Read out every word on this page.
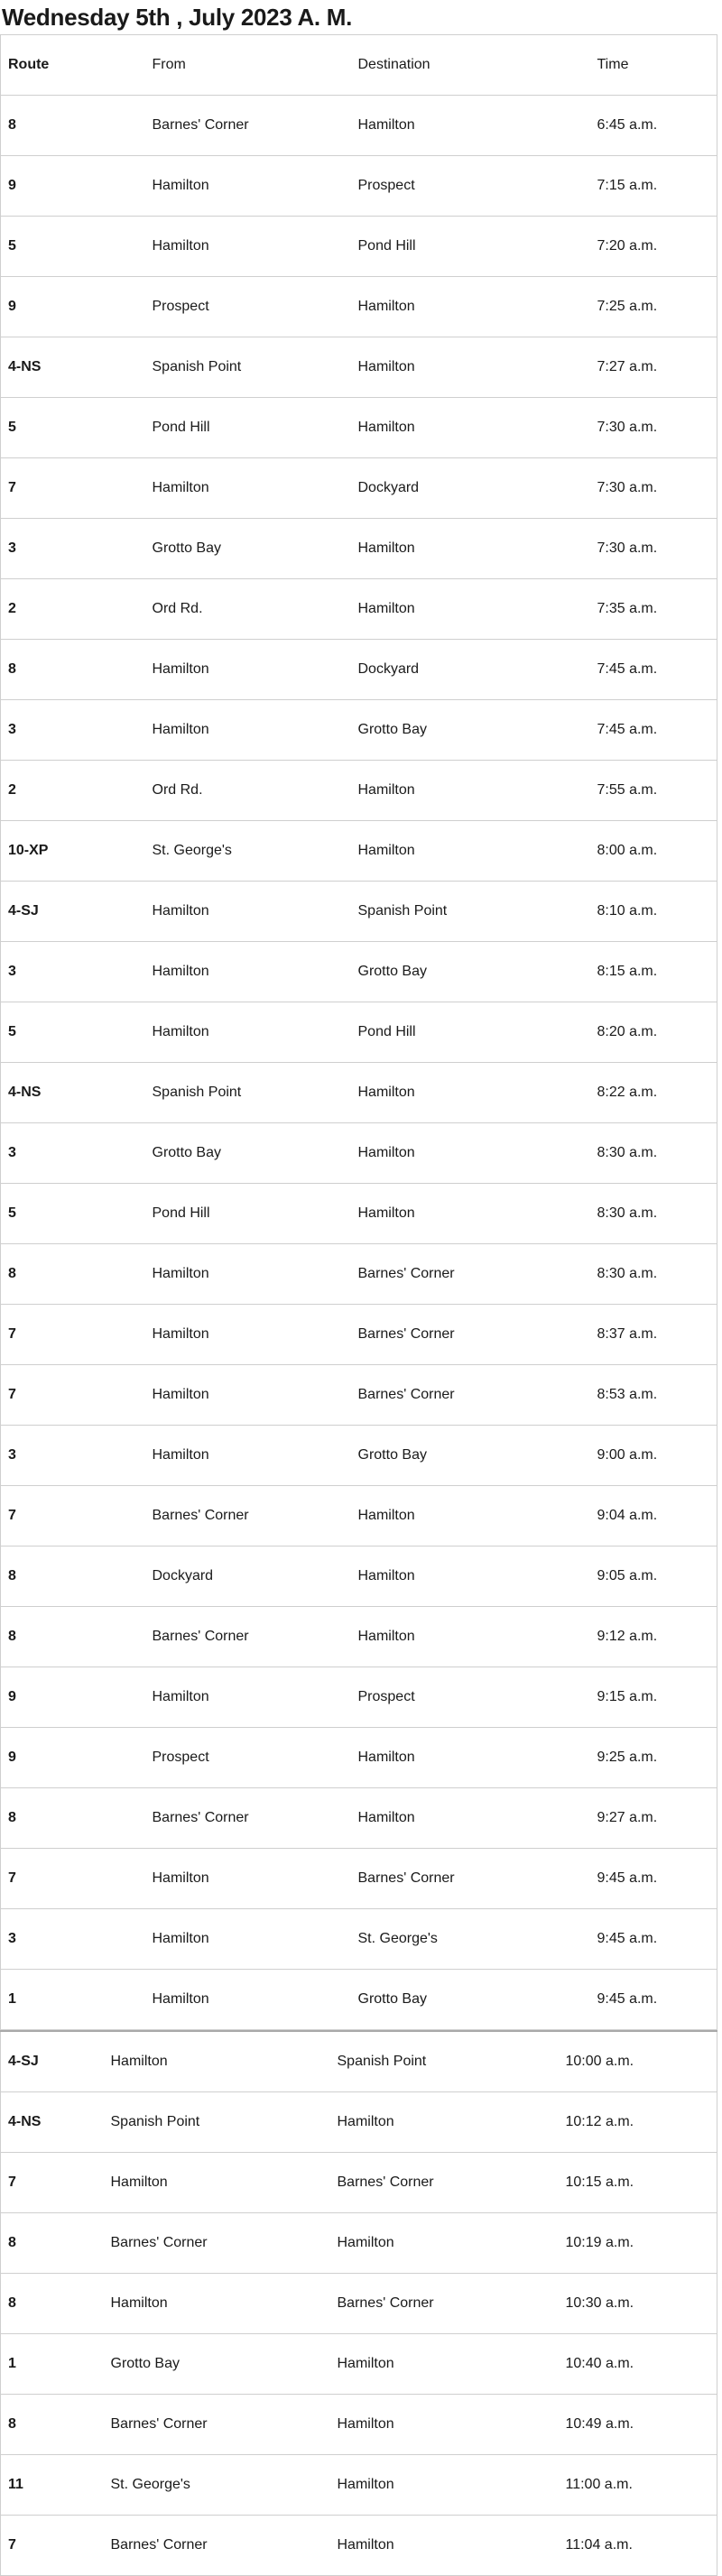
Wednesday 5th , July 2023 A. M.
Route	From	Destination	Time
8	Barnes' Corner	Hamilton	6:45 a.m.
9	Hamilton	Prospect	7:15 a.m.
5	Hamilton	Pond Hill	7:20 a.m.
9	Prospect	Hamilton	7:25 a.m.
4-NS	Spanish Point	Hamilton	7:27 a.m.
5	Pond Hill	Hamilton	7:30 a.m.
7	Hamilton	Dockyard	7:30 a.m.
3	Grotto Bay	Hamilton	7:30 a.m.
2	Ord Rd.	Hamilton	7:35 a.m.
8	Hamilton	Dockyard	7:45 a.m.
3	Hamilton	Grotto Bay	7:45 a.m.
2	Ord Rd.	Hamilton	7:55 a.m.
10-XP	St. George's	Hamilton	8:00 a.m.
4-SJ	Hamilton	Spanish Point	8:10 a.m.
3	Hamilton	Grotto Bay	8:15 a.m.
5	Hamilton	Pond Hill	8:20 a.m.
4-NS	Spanish Point	Hamilton	8:22 a.m.
3	Grotto Bay	Hamilton	8:30 a.m.
5	Pond Hill	Hamilton	8:30 a.m.
8	Hamilton	Barnes' Corner	8:30 a.m.
7	Hamilton	Barnes' Corner	8:37 a.m.
7	Hamilton	Barnes' Corner	8:53 a.m.
3	Hamilton	Grotto Bay	9:00 a.m.
7	Barnes' Corner	Hamilton	9:04 a.m.
8	Dockyard	Hamilton	9:05 a.m.
8	Barnes' Corner	Hamilton	9:12 a.m.
9	Hamilton	Prospect	9:15 a.m.
9	Prospect	Hamilton	9:25 a.m.
8	Barnes' Corner	Hamilton	9:27 a.m.
7	Hamilton	Barnes' Corner	9:45 a.m.
3	Hamilton	St. George's	9:45 a.m.
1	Hamilton	Grotto Bay	9:45 a.m.
4-SJ	Hamilton	Spanish Point	10:00 a.m.
4-NS	Spanish Point	Hamilton	10:12 a.m.
7	Hamilton	Barnes' Corner	10:15 a.m.
8	Barnes' Corner	Hamilton	10:19 a.m.
8	Hamilton	Barnes' Corner	10:30 a.m.
1	Grotto Bay	Hamilton	10:40 a.m.
8	Barnes' Corner	Hamilton	10:49 a.m.
11	St. George's	Hamilton	11:00 a.m.
7	Barnes' Corner	Hamilton	11:04 a.m.
